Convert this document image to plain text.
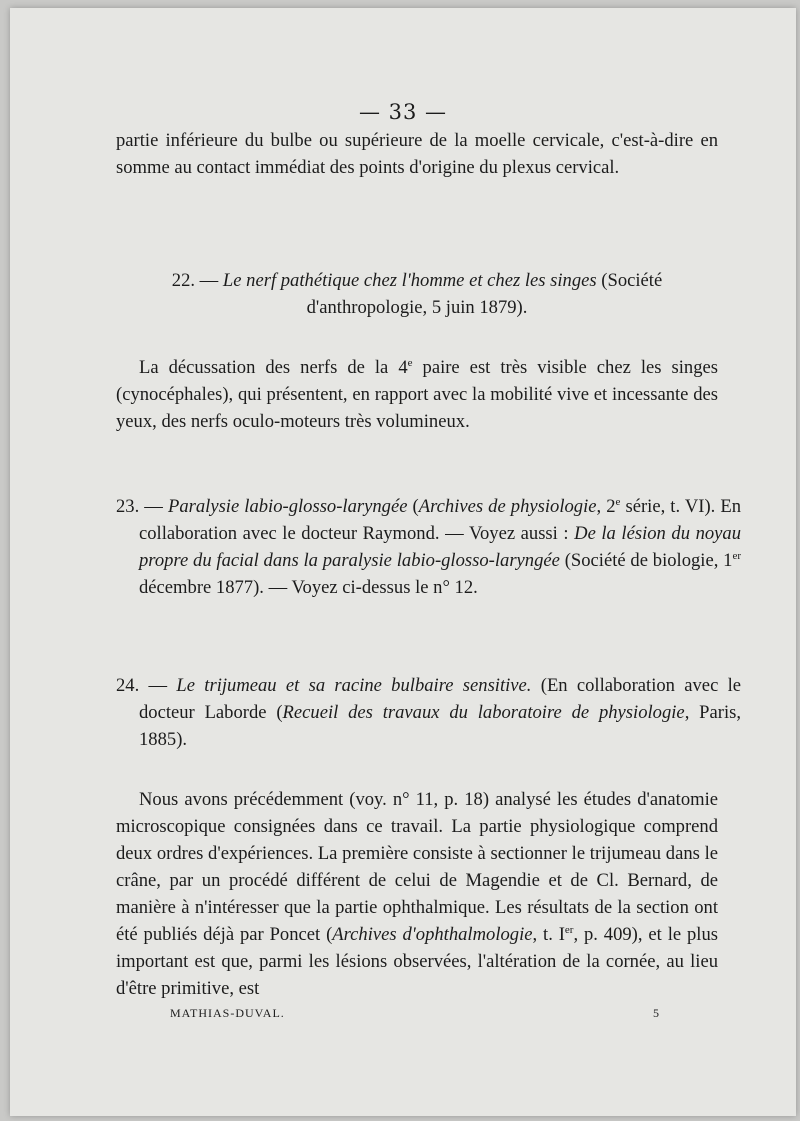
— 33 —

partie inférieure du bulbe ou supérieure de la moelle cervicale, c'est-à-dire en somme au contact immédiat des points d'origine du plexus cervical.

22. — Le nerf pathétique chez l'homme et chez les singes (Société d'anthropologie, 5 juin 1879).

La décussation des nerfs de la 4e paire est très visible chez les singes (cynocéphales), qui présentent, en rapport avec la mobilité vive et incessante des yeux, des nerfs oculo-moteurs très volumineux.

23. — Paralysie labio-glosso-laryngée (Archives de physiologie, 2e série, t. VI). En collaboration avec le docteur Raymond. — Voyez aussi : De la lésion du noyau propre du facial dans la paralysie labio-glosso-laryngée (Société de biologie, 1er décembre 1877). — Voyez ci-dessus le n° 12.

24. — Le trijumeau et sa racine bulbaire sensitive. (En collaboration avec le docteur Laborde (Recueil des travaux du laboratoire de physiologie, Paris, 1885).

Nous avons précédemment (voy. n° 11, p. 18) analysé les études d'anatomie microscopique consignées dans ce travail. La partie physiologique comprend deux ordres d'expériences. La première consiste à sectionner le trijumeau dans le crâne, par un procédé différent de celui de Magendie et de Cl. Bernard, de manière à n'intéresser que la partie ophthalmique. Les résultats de la section ont été publiés déjà par Poncet (Archives d'ophthalmologie, t. Ier, p. 409), et le plus important est que, parmi les lésions observées, l'altération de la cornée, au lieu d'être primitive, est

MATHIAS-DUVAL.	5
